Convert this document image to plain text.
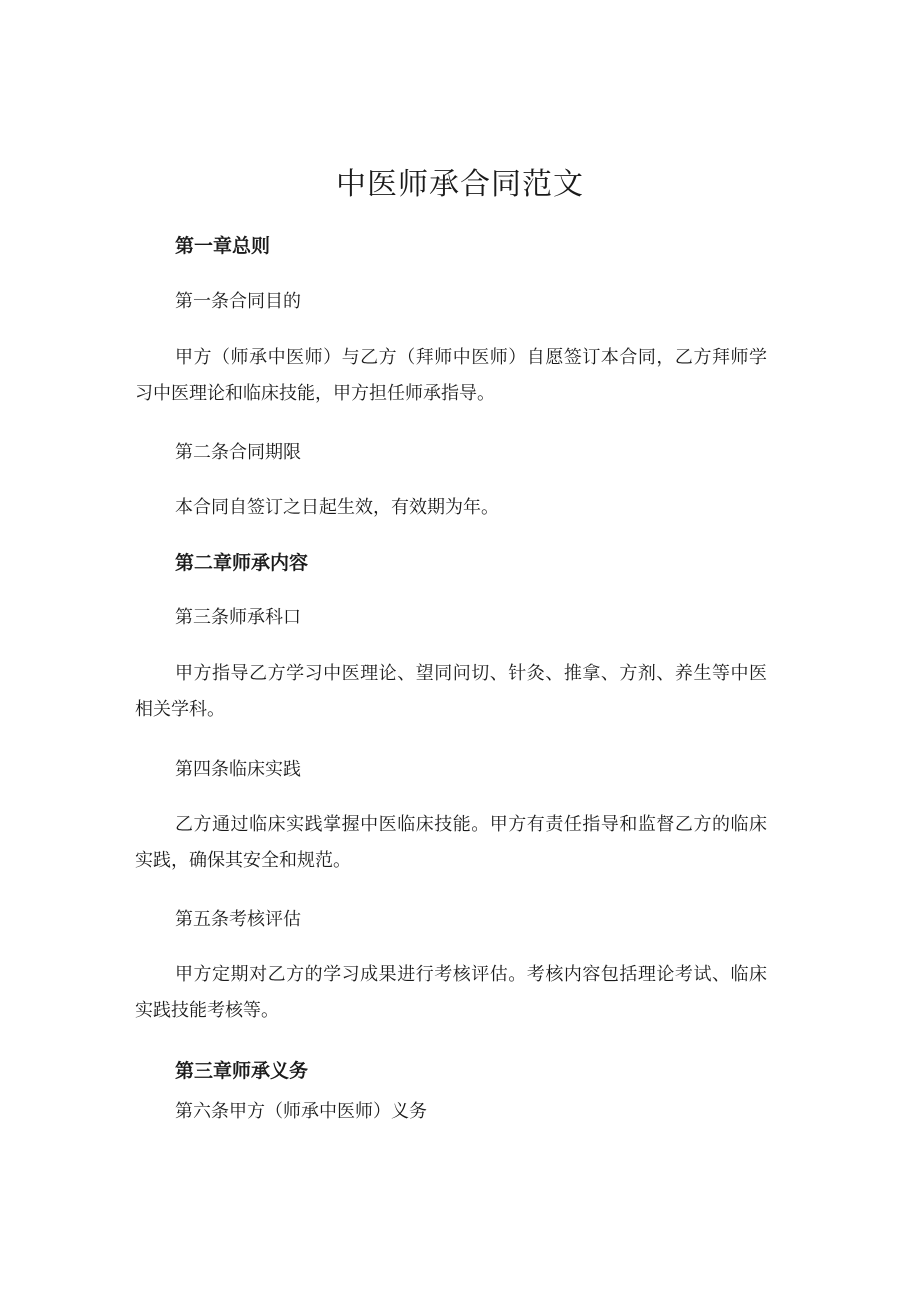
中医师承合同范文
第一章总则
第一条合同目的
甲方（师承中医师）与乙方（拜师中医师）自愿签订本合同，乙方拜师学习中医理论和临床技能，甲方担任师承指导。
第二条合同期限
本合同自签订之日起生效，有效期为年。
第二章师承内容
第三条师承科口
甲方指导乙方学习中医理论、望同问切、针灸、推拿、方剂、养生等中医相关学科。
第四条临床实践
乙方通过临床实践掌握中医临床技能。甲方有责任指导和监督乙方的临床实践，确保其安全和规范。
第五条考核评估
甲方定期对乙方的学习成果进行考核评估。考核内容包括理论考试、临床实践技能考核等。
第三章师承义务
第六条甲方（师承中医师）义务
